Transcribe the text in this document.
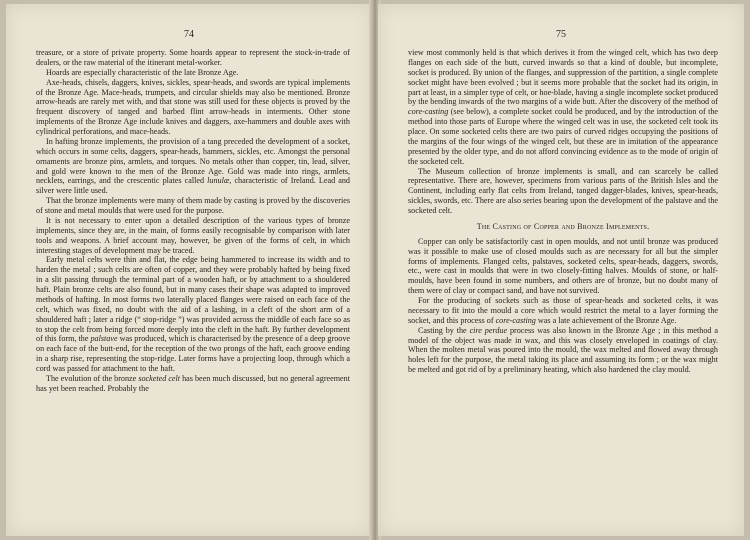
74

treasure, or a store of private property. Some hoards appear to represent the stock-in-trade of dealers, or the raw material of the itinerant metal-worker.

Hoards are especially characteristic of the late Bronze Age.

Axe-heads, chisels, daggers, knives, sickles, spear-heads, and swords are typical implements of the Bronze Age. Mace-heads, trumpets, and circular shields may also be mentioned. Bronze arrow-heads are rarely met with, and that stone was still used for these objects is proved by the frequent discovery of tanged and barbed flint arrow-heads in interments. Other stone implements of the Bronze Age include knives and daggers, axe-hammers and double axes with cylindrical perforations, and mace-heads.

In hafting bronze implements, the provision of a tang preceded the development of a socket, which occurs in some celts, daggers, spear-heads, hammers, sickles, etc. Amongst the personal ornaments are bronze pins, armlets, and torques. No metals other than copper, tin, lead, silver, and gold were known to the men of the Bronze Age. Gold was made into rings, armlets, necklets, earrings, and the crescentic plates called lunulæ, characteristic of Ireland. Lead and silver were little used.

That the bronze implements were many of them made by casting is proved by the discoveries of stone and metal moulds that were used for the purpose.

It is not necessary to enter upon a detailed description of the various types of bronze implements, since they are, in the main, of forms easily recognisable by comparison with later tools and weapons. A brief account may, however, be given of the forms of celt, in which interesting stages of development may be traced.

Early metal celts were thin and flat, the edge being hammered to increase its width and to harden the metal ; such celts are often of copper, and they were probably hafted by being fixed in a slit passing through the terminal part of a wooden haft, or by attachment to a shouldered haft. Plain bronze celts are also found, but in many cases their shape was adapted to improved methods of hafting. In most forms two laterally placed flanges were raised on each face of the celt, which was fixed, no doubt with the aid of a lashing, in a cleft of the short arm of a shouldered haft ; later a ridge (“ stop-ridge ”) was provided across the middle of each face so as to stop the celt from being forced more deeply into the cleft in the haft. By further development of this form, the palstave was produced, which is characterised by the presence of a deep groove on each face of the butt-end, for the reception of the two prongs of the haft, each groove ending in a sharp rise, representing the stop-ridge. Later forms have a projecting loop, through which a cord was passed for attachment to the haft.

The evolution of the bronze socketed celt has been much discussed, but no general agreement has yet been reached. Probably the

75

view most commonly held is that which derives it from the winged celt, which has two deep flanges on each side of the butt, curved inwards so that a kind of double, but incomplete, socket is produced. By union of the flanges, and suppression of the partition, a single complete socket might have been evolved ; but it seems more probable that the socket had its origin, in part at least, in a simpler type of celt, or hoe-blade, having a single incomplete socket produced by the bending inwards of the two margins of a wide butt. After the discovery of the method of core-casting (see below), a complete socket could be produced, and by the introduction of the method into those parts of Europe where the winged celt was in use, the socketed celt took its place. On some socketed celts there are two pairs of curved ridges occupying the positions of the margins of the four wings of the winged celt, but these are in imitation of the appearance presented by the older type, and do not afford convincing evidence as to the mode of origin of the socketed celt.

The Museum collection of bronze implements is small, and can scarcely be called representative. There are, however, specimens from various parts of the British Isles and the Continent, including early flat celts from Ireland, tanged dagger-blades, knives, spear-heads, sickles, swords, etc. There are also series bearing upon the development of the palstave and the socketed celt.

The Casting of Copper and Bronze Implements.

Copper can only be satisfactorily cast in open moulds, and not until bronze was produced was it possible to make use of closed moulds such as are necessary for all but the simpler forms of implements. Flanged celts, palstaves, socketed celts, spear-heads, daggers, swords, etc., were cast in moulds that were in two closely-fitting halves. Moulds of stone, or half-moulds, have been found in some numbers, and others are of bronze, but no doubt many of them were of clay or compact sand, and have not survived.

For the producing of sockets such as those of spear-heads and socketed celts, it was necessary to fit into the mould a core which would restrict the metal to a layer forming the socket, and this process of core-casting was a late achievement of the Bronze Age.

Casting by the cire perdue process was also known in the Bronze Age ; in this method a model of the object was made in wax, and this was closely enveloped in coatings of clay. When the molten metal was poured into the mould, the wax melted and flowed away through holes left for the purpose, the metal taking its place and assuming its form ; or the wax might be melted and got rid of by a preliminary heating, which also hardened the clay mould.
